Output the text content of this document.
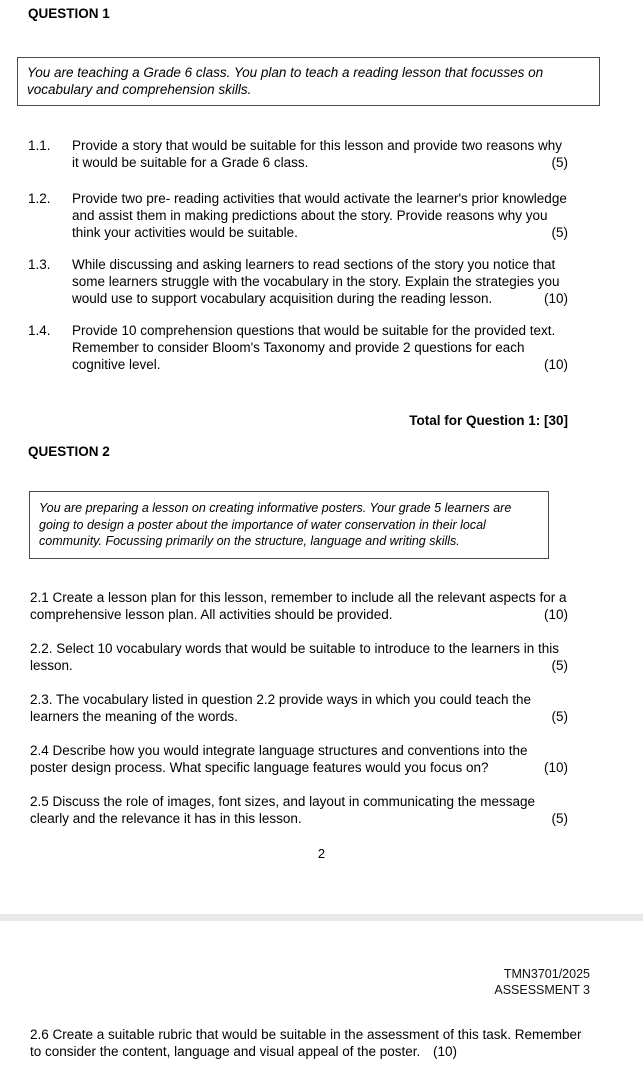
QUESTION 1
You are teaching a Grade 6 class. You plan to teach a reading lesson that focusses on vocabulary and comprehension skills.
1.1.	Provide a story that would be suitable for this lesson and provide two reasons why it would be suitable for a Grade 6 class.	(5)
1.2.	Provide two pre- reading activities that would activate the learner's prior knowledge and assist them in making predictions about the story. Provide reasons why you think your activities would be suitable.	(5)
1.3.	While discussing and asking learners to read sections of the story you notice that some learners struggle with the vocabulary in the story. Explain the strategies you would use to support vocabulary acquisition during the reading lesson.	(10)
1.4.	Provide 10 comprehension questions that would be suitable for the provided text. Remember to consider Bloom's Taxonomy and provide 2 questions for each cognitive level.	(10)
Total for Question 1: [30]
QUESTION 2
You are preparing a lesson on creating informative posters. Your grade 5 learners are going to design a poster about the importance of water conservation in their local community. Focussing primarily on the structure, language and writing skills.
2.1 Create a lesson plan for this lesson, remember to include all the relevant aspects for a comprehensive lesson plan. All activities should be provided.	(10)
2.2. Select 10 vocabulary words that would be suitable to introduce to the learners in this lesson.	(5)
2.3. The vocabulary listed in question 2.2 provide ways in which you could teach the learners the meaning of the words.	(5)
2.4 Describe how you would integrate language structures and conventions into the poster design process. What specific language features would you focus on?	(10)
2.5 Discuss the role of images, font sizes, and layout in communicating the message clearly and the relevance it has in this lesson.	(5)
2
TMN3701/2025
ASSESSMENT 3
2.6 Create a suitable rubric that would be suitable in the assessment of this task. Remember to consider the content, language and visual appeal of the poster. (10)
